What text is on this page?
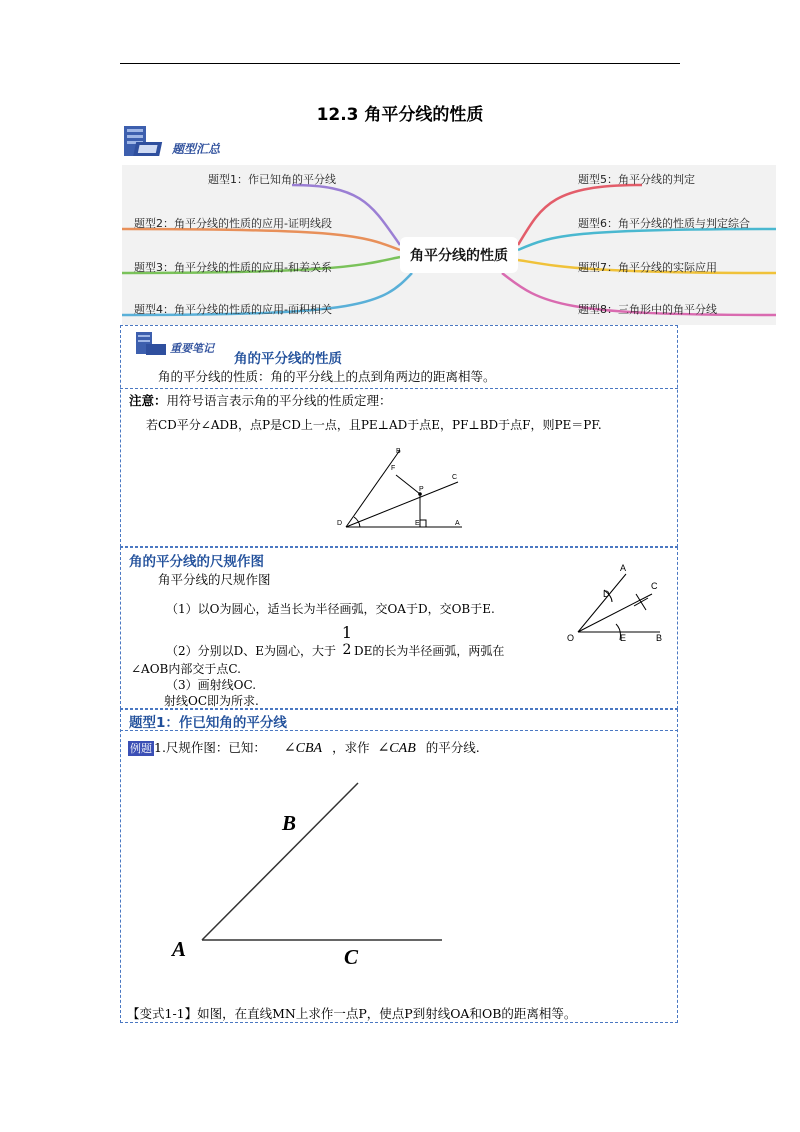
12.3 角平分线的性质
题型汇总
角平分线的性质
题型1：作已知角的平分线
题型2：角平分线的性质的应用-证明线段
题型3：角平分线的性质的应用-和差关系
题型4：角平分线的性质的应用-面积相关
题型5：角平分线的判定
题型6：角平分线的性质与判定综合
题型7：角平分线的实际应用
题型8：三角形中的角平分线
重要笔记
角的平分线的性质
角的平分线的性质：角的平分线上的点到角两边的距离相等。
注意：用符号语言表示角的平分线的性质定理：
若CD平分∠ADB，点P是CD上一点，且PE⊥AD于点E，PF⊥BD于点F，则PE＝PF.
B
F
C
P
D	E	A
角的平分线的尺规作图
角平分线的尺规作图
（1）以O为圆心，适当长为半径画弧，交OA于D，交OB于E.
（2）分别以D、E为圆心，大于
1
2 DE的长为半径画弧，两弧在
∠AOB内部交于点C.
（3）画射线OC.
射线OC即为所求.
A
C
D
O	E	B
题型1：作已知角的平分线
例题 1.尺规作图：已知： ∠CBA ，求作 ∠CAB 的平分线.
B
A	C
【变式1-1】如图，在直线MN上求作一点P，使点P到射线OA和OB的距离相等。
